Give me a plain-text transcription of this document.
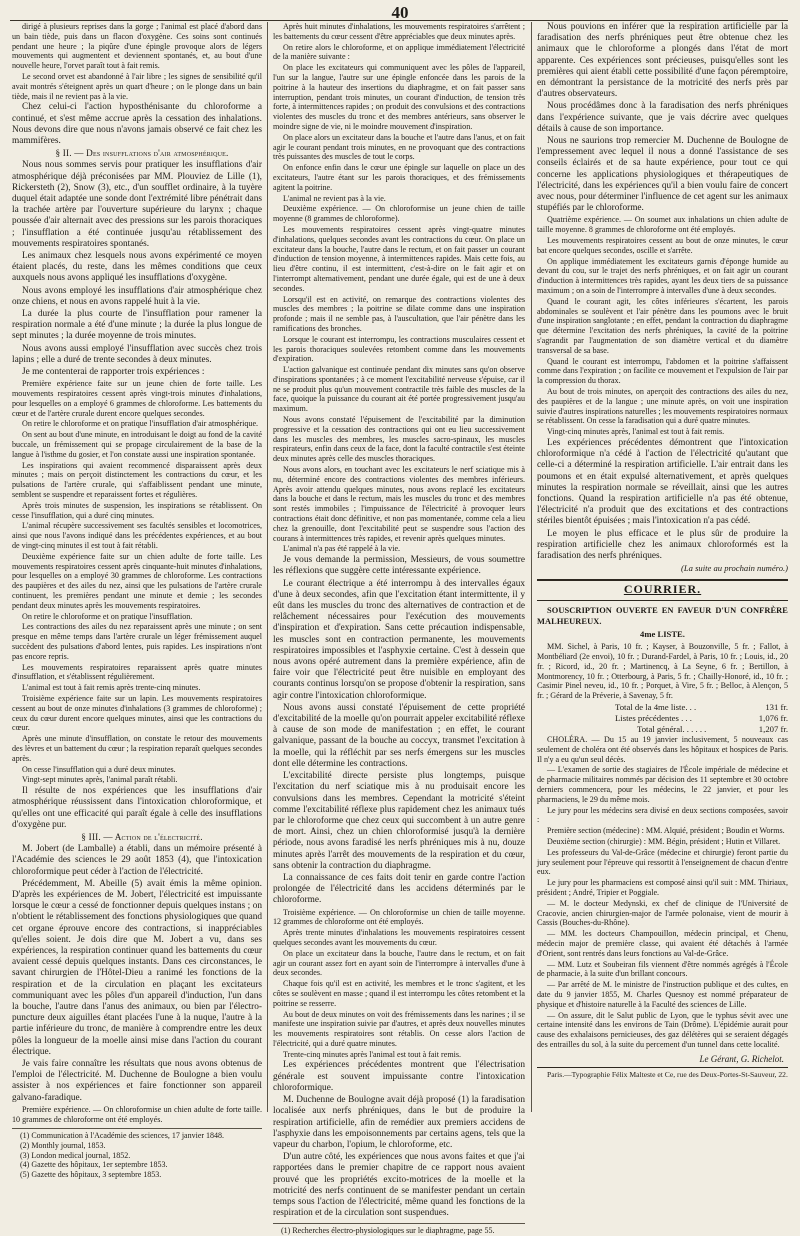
40

dirigé à plusieurs reprises dans la gorge ; l'animal est placé d'abord dans un bain tiède, puis dans un flacon d'oxygène. Ces soins sont continués pendant une heure ; la piqûre d'une épingle provoque alors de légers mouvements qui augmentent et deviennent spontanés, et, au bout d'une nouvelle heure, l'orvet paraît tout à fait remis.

Le second orvet est abandonné à l'air libre ; les signes de sensibilité qu'il avait montrés s'éteignent après un quart d'heure ; on le plonge dans un bain tiède, mais il ne revient pas à la vie.

Chez celui-ci l'action hyposthénisante du chloroforme a continué, et s'est même accrue après la cessation des inhalations. Nous devons dire que nous n'avons jamais observé ce fait chez les mammifères.

§ II. — Des insufflations d'air atmosphérique.

Nous nous sommes servis pour pratiquer les insufflations d'air atmosphérique déjà préconisées par MM. Plouviez de Lille (1), Rickersteth (2), Snow (3), etc., d'un soufflet ordinaire, à la tuyère duquel était adaptée une sonde dont l'extrémité libre pénétrait dans la trachée artère par l'ouverture supérieure du larynx ; chaque poussée d'air alternait avec des pressions sur les parois thoraciques ; l'insufflation a été continuée jusqu'au rétablissement des mouvements respiratoires spontanés.

Les animaux chez lesquels nous avons expérimenté ce moyen étaient placés, du reste, dans les mêmes conditions que ceux auxquels nous avons appliqué les insufflations d'oxygène.

Nous avons employé les insufflations d'air atmosphérique chez onze chiens, et nous en avons rappelé huit à la vie.

La durée la plus courte de l'insufflation pour ramener la respiration normale a été d'une minute ; la durée la plus longue de sept minutes ; la durée moyenne de trois minutes.

Nous avons aussi employé l'insufflation avec succès chez trois lapins ; elle a duré de trente secondes à deux minutes.

Je me contenterai de rapporter trois expériences :

Première expérience faite sur un jeune chien de forte taille. Les mouvements respiratoires cessent après vingt-trois minutes d'inhalations, pour lesquelles on a employé 6 grammes de chloroforme. Les battements du cœur et de l'artère crurale durent encore quelques secondes.

On retire le chloroforme et on pratique l'insufflation d'air atmosphérique.

On sent au bout d'une minute, en introduisant le doigt au fond de la cavité buccale, un frémissement qui se propage circulairement de la base de la langue à l'isthme du gosier, et l'on constate aussi une inspiration spontanée.

Les inspirations qui avaient recommencé disparaissent après deux minutes ; mais on perçoit distinctement les contractions du cœur, et les pulsations de l'artère crurale, qui s'affaiblissent pendant une minute, semblent se suspendre et reparaissent fortes et régulières.

Après trois minutes de suspension, les inspirations se rétablissent. On cesse l'insufflation, qui a duré cinq minutes.

L'animal récupère successivement ses facultés sensibles et locomotrices, ainsi que nous l'avons indiqué dans les précédentes expériences, et au bout de vingt-cinq minutes il est tout à fait rétabli.

Deuxième expérience faite sur un chien adulte de forte taille. Les mouvements respiratoires cessent après cinquante-huit minutes d'inhalations, pour lesquelles on a employé 30 grammes de chloroforme. Les contractions des paupières et des ailes du nez, ainsi que les pulsations de l'artère crurale continuent, les premières pendant une minute et demie ; les secondes pendant deux minutes après les mouvements respiratoires.

On retire le chloroforme et on pratique l'insufflation.

Les contractions des ailes du nez reparaissent après une minute ; on sent presque en même temps dans l'artère crurale un léger frémissement auquel succèdent des pulsations d'abord lentes, puis rapides. Les inspirations n'ont pas encore repris.

Les mouvements respiratoires reparaissent après quatre minutes d'insufflation, et s'établissent régulièrement.

L'animal est tout à fait remis après trente-cinq minutes.

Troisième expérience faite sur un lapin. Les mouvements respiratoires cessent au bout de onze minutes d'inhalations (3 grammes de chloroforme) ; ceux du cœur durent encore quelques minutes, ainsi que les contractions du cœur.

Après une minute d'insufflation, on constate le retour des mouvements des lèvres et un battement du cœur ; la respiration reparaît quelques secondes après.

On cesse l'insufflation qui a duré deux minutes.

Vingt-sept minutes après, l'animal paraît rétabli.

Il résulte de nos expériences que les insufflations d'air atmosphérique réussissent dans l'intoxication chloroformique, et qu'elles ont une efficacité qui paraît égale à celle des insufflations d'oxygène pur.

§ III. — Action de l'électricité.

M. Jobert (de Lamballe) a établi, dans un mémoire présenté à l'Académie des sciences le 29 août 1853 (4), que l'intoxication chloroformique peut céder à l'action de l'électricité.

Précédemment, M. Abeille (5) avait émis la même opinion. D'après les expériences de M. Jobert, l'électricité est impuissante lorsque le cœur a cessé de fonctionner depuis quelques instans ; on n'obtient le rétablissement des fonctions physiologiques que quand cet organe éprouve encore des contractions, si inappréciables qu'elles soient. Je dois dire que M. Jobert a vu, dans ses expériences, la respiration continuer quand les battements du cœur avaient cessé depuis quelques instants. Dans ces circonstances, le savant chirurgien de l'Hôtel-Dieu a ranimé les fonctions de la respiration et de la circulation en plaçant les excitateurs communiquant avec les pôles d'un appareil d'induction, l'un dans la bouche, l'autre dans l'anus des animaux, ou bien par l'électro-puncture deux aiguilles étant placées l'une à la nuque, l'autre à la partie inférieure du tronc, de manière à comprendre entre les deux pôles la longueur de la moelle ainsi mise dans l'action du courant électrique.

Je vais faire connaître les résultats que nous avons obtenus de l'emploi de l'électricité. M. Duchenne de Boulogne a bien voulu assister à nos expériences et faire fonctionner son appareil galvano-faradique.

Première expérience. — On chloroformise un chien adulte de forte taille. 10 grammes de chloroforme ont été employés.

(1) Communication à l'Académie des sciences, 17 janvier 1848.
(2) Monthly journal, 1853.
(3) London medical journal, 1852.
(4) Gazette des hôpitaux, 1er septembre 1853.
(5) Gazette des hôpitaux, 3 septembre 1853.

Après huit minutes d'inhalations, les mouvements respiratoires s'arrêtent ; les battements du cœur cessent d'être appréciables que deux minutes après.

On retire alors le chloroforme, et on applique immédiatement l'électricité de la manière suivante :

On place les excitateurs qui communiquent avec les pôles de l'appareil, l'un sur la langue, l'autre sur une épingle enfoncée dans les parois de la poitrine à la hauteur des insertions du diaphragme, et on fait passer sans interruption, pendant trois minutes, un courant d'induction, de tension très forte, à intermittences rapides ; on produit des convulsions et des contractions violentes des muscles du tronc et des membres antérieurs, sans observer le moindre signe de vie, ni le moindre mouvement d'inspiration.

On place alors un excitateur dans la bouche et l'autre dans l'anus, et on fait agir le courant pendant trois minutes, en ne provoquant que des contractions très puissantes des muscles de tout le corps.

On enfonce enfin dans le cœur une épingle sur laquelle on place un des excitateurs, l'autre étant sur les parois thoraciques, et des frémissements agitent la poitrine.

L'animal ne revient pas à la vie.

Deuxième expérience. — On chloroformise un jeune chien de taille moyenne (8 grammes de chloroforme).

Les mouvements respiratoires cessent après vingt-quatre minutes d'inhalations, quelques secondes avant les contractions du cœur. On place un excitateur dans la bouche, l'autre dans le rectum, et on fait passer un courant d'induction de tension moyenne, à intermittences rapides. Mais cette fois, au lieu d'être continu, il est intermittent, c'est-à-dire on le fait agir et on l'interrompt alternativement, pendant une durée égale, qui est de une à deux secondes.

Lorsqu'il est en activité, on remarque des contractions violentes des muscles des membres ; la poitrine se dilate comme dans une inspiration profonde ; mais il ne semble pas, à l'auscultation, que l'air pénètre dans les ramifications des bronches.

Lorsque le courant est interrompu, les contractions musculaires cessent et les parois thoraciques soulevées retombent comme dans les mouvements d'expiration.

L'action galvanique est continuée pendant dix minutes sans qu'on observe d'inspirations spontanées ; à ce moment l'excitabilité nerveuse s'épuise, car il ne se produit plus qu'un mouvement contractile très faible des muscles de la face, quoique la puissance du courant ait été portée progressivement jusqu'au maximum.

Nous avons constaté l'épuisement de l'excitabilité par la diminution progressive et la cessation des contractions qui ont eu lieu successivement dans les muscles des membres, les muscles sacro-spinaux, les muscles respirateurs, enfin dans ceux de la face, dont la faculté contractile s'est éteinte deux minutes après celle des muscles thoraciques.

Nous avons alors, en touchant avec les excitateurs le nerf sciatique mis à nu, déterminé encore des contractions violentes des membres inférieurs. Après avoir attendu quelques minutes, nous avons replacé les excitateurs dans la bouche et dans le rectum, mais les muscles du tronc et des membres sont restés immobiles ; l'impuissance de l'électricité à provoquer leurs contractions était donc définitive, et non pas momentanée, comme cela a lieu chez la grenouille, dont l'excitabilité peut se suspendre sous l'action des courans à intermittences très rapides, et revenir après quelques minutes.

L'animal n'a pas été rappelé à la vie.

Je vous demande la permission, Messieurs, de vous soumettre les réflexions que suggère cette intéressante expérience.

Le courant électrique a été interrompu à des intervalles égaux d'une à deux secondes, afin que l'excitation étant intermittente, il y eût dans les muscles du tronc des alternatives de contraction et de relâchement nécessaires pour l'exécution des mouvements d'inspiration et d'expiration. Sans cette précaution indispensable, les muscles sont en contraction permanente, les mouvements respiratoires impossibles et l'asphyxie certaine. C'est à dessein que nous avons opéré autrement dans la première expérience, afin de faire voir que l'électricité peut être nuisible en employant des courants continus lorsqu'on se propose d'obtenir la respiration, sans agir contre l'intoxication chloroformique.

Nous avons aussi constaté l'épuisement de cette propriété d'excitabilité de la moelle qu'on pourrait appeler excitabilité réflexe à cause de son mode de manifestation ; en effet, le courant galvanique, passant de la bouche au coccyx, transmet l'excitation à la moelle, qui la réfléchit par ses nerfs émergens sur les muscles dont elle détermine les contractions.

L'excitabilité directe persiste plus longtemps, puisque l'excitation du nerf sciatique mis à nu produisait encore les convulsions dans les membres. Cependant la motricité s'éteint comme l'excitabilité réflexe plus rapidement chez les animaux tués par le chloroforme que chez ceux qui succombent à un autre genre de mort. Ainsi, chez un chien chloroformisé jusqu'à la dernière période, nous avons faradisé les nerfs phréniques mis à nu, douze minutes après l'arrêt des mouvements de la respiration et du cœur, sans obtenir la contraction du diaphragme.

La connaissance de ces faits doit tenir en garde contre l'action prolongée de l'électricité dans les accidens déterminés par le chloroforme.

Troisième expérience. — On chloroformise un chien de taille moyenne. 12 grammes de chloroforme ont été employés.

Après trente minutes d'inhalations les mouvements respiratoires cessent quelques secondes avant les mouvements du cœur.

On place un excitateur dans la bouche, l'autre dans le rectum, et on fait agir un courant assez fort en ayant soin de l'interrompre à intervalles d'une à deux secondes.

Chaque fois qu'il est en activité, les membres et le tronc s'agitent, et les côtes se soulèvent en masse ; quand il est interrompu les côtes retombent et la poitrine se resserre.

Au bout de deux minutes on voit des frémissements dans les narines ; il se manifeste une inspiration suivie par d'autres, et après deux nouvelles minutes les mouvements respiratoires sont rétablis. On cesse alors l'action de l'électricité, qui a duré quatre minutes.

Trente-cinq minutes après l'animal est tout à fait remis.

Les expériences précédentes montrent que l'électrisation générale est souvent impuissante contre l'intoxication chloroformique.

M. Duchenne de Boulogne avait déjà proposé (1) la faradisation localisée aux nerfs phréniques, dans le but de produire la respiration artificielle, afin de remédier aux premiers accidens de l'asphyxie dans les empoisonnements par certains agens, tels que la vapeur du charbon, l'opium, le chloroforme, etc.

D'un autre côté, les expériences que nous avons faites et que j'ai rapportées dans le premier chapitre de ce rapport nous avaient prouvé que les propriétés excito-motrices de la moelle et la motricité des nerfs continuent de se manifester pendant un certain temps sous l'action de l'électricité, même quand les fonctions de la respiration et de la circulation sont suspendues.

(1) Recherches électro-physiologiques sur le diaphragme, page 55.

Nous pouvions en inférer que la respiration artificielle par la faradisation des nerfs phréniques peut être obtenue chez les animaux que le chloroforme a plongés dans l'état de mort apparente. Ces expériences sont précieuses, puisqu'elles sont les premières qui aient établi cette possibilité d'une façon péremptoire, en démontrant la persistance de la motricité des nerfs près par d'autres observateurs.

Nous procédâmes donc à la faradisation des nerfs phréniques dans l'expérience suivante, que je vais décrire avec quelques détails à cause de son importance.

Nous ne saurions trop remercier M. Duchenne de Boulogne de l'empressement avec lequel il nous a donné l'assistance de ses conseils éclairés et de sa haute expérience, pour tout ce qui concerne les applications physiologiques et thérapeutiques de l'électricité, dans les expériences qu'il a bien voulu faire de concert avec nous, pour déterminer l'influence de cet agent sur les animaux stupéfiés par le chloroforme.

Quatrième expérience. — On soumet aux inhalations un chien adulte de taille moyenne. 8 grammes de chloroforme ont été employés.

Les mouvements respiratoires cessent au bout de onze minutes, le cœur bat encore quelques secondes, oscille et s'arrête.

On applique immédiatement les excitateurs garnis d'éponge humide au devant du cou, sur le trajet des nerfs phréniques, et on fait agir un courant d'induction à intermittences très rapides, ayant les deux tiers de sa puissance maximum ; on a soin de l'interrompre à intervalles d'une à deux secondes.

Quand le courant agit, les côtes inférieures s'écartent, les parois abdominales se soulèvent et l'air pénètre dans les poumons avec le bruit d'une inspiration sanglotante ; en effet, pendant la contraction du diaphragme que détermine l'excitation des nerfs phréniques, la cavité de la poitrine s'agrandit par l'augmentation de son diamètre vertical et du diamètre transversal de sa base.

Quand le courant est interrompu, l'abdomen et la poitrine s'affaissent comme dans l'expiration ; on facilite ce mouvement et l'expulsion de l'air par la compression du thorax.

Au bout de trois minutes, on aperçoit des contractions des ailes du nez, des paupières et de la langue ; une minute après, on voit une inspiration suivie d'autres inspirations naturelles ; les mouvements respiratoires normaux se rétablissent. On cesse la faradisation qui a duré quatre minutes.

Vingt-cinq minutes après, l'animal est tout à fait remis.

Les expériences précédentes démontrent que l'intoxication chloroformique n'a cédé à l'action de l'électricité qu'autant que celle-ci a déterminé la respiration artificielle. L'air entrait dans les poumons et en était expulsé alternativement, et après quelques minutes la respiration normale se réveillait, ainsi que les autres fonctions. Quand la respiration artificielle n'a pas été obtenue, l'électricité n'a produit que des excitations et des contractions stériles bientôt épuisées ; mais l'intoxication n'a pas cédé.

Le moyen le plus efficace et le plus sûr de produire la respiration artificielle chez les animaux chloroformés est la faradisation des nerfs phréniques.

(La suite au prochain numéro.)

COURRIER.

SOUSCRIPTION OUVERTE EN FAVEUR D'UN CONFRÈRE MALHEUREUX.

4me LISTE.

MM. Sichel, à Paris, 10 fr. ; Kayser, à Bouzonville, 5 fr. ; Fallot, à Montbéliard (2e envoi), 10 fr. ; Durand-Fardel, à Paris, 10 fr. ; Louis, id., 20 fr. ; Ricord, id., 20 fr. ; Martinencq, à La Seyne, 6 fr. ; Bertillon, à Montmorency, 10 fr. ; Otterbourg, à Paris, 5 fr. ; Chailly-Honoré, id., 10 fr. ; Casimir Pinel neveu, id., 10 fr. ; Porquet, à Vire, 5 fr. ; Belloc, à Alençon, 5 fr. ; Gérard de la Préverie, à Savenay, 5 fr.

Total de la 4me liste. . .	131 fr.
Listes précédentes . . .	1,076 fr.
Total général. . . . . .	1,207 fr.

CHOLÉRA. — Du 15 au 19 janvier inclusivement, 5 nouveaux cas seulement de choléra ont été observés dans les hôpitaux et hospices de Paris. Il n'y a eu qu'un seul décès.

— L'examen de sortie des stagiaires de l'École impériale de médecine et de pharmacie militaires nommés par décision des 11 septembre et 30 octobre derniers commencera, pour les médecins, le 22 janvier, et pour les pharmaciens, le 29 du même mois.

Le jury pour les médecins sera divisé en deux sections composées, savoir :

Première section (médecine) : MM. Alquié, président ; Boudin et Worms.

Deuxième section (chirurgie) : MM. Bégin, président ; Hutin et Villaret.

Les professeurs du Val-de-Grâce (médecine et chirurgie) feront partie du jury seulement pour l'épreuve qui ressortit à l'enseignement de chacun d'entre eux.

Le jury pour les pharmaciens est composé ainsi qu'il suit : MM. Thiriaux, président ; André, Tripier et Poggiale.

— M. le docteur Medynski, ex chef de clinique de l'Université de Cracovie, ancien chirurgien-major de l'armée polonaise, vient de mourir à Cassis (Bouches-du-Rhône).

— MM. les docteurs Champouillon, médecin principal, et Chenu, médecin major de première classe, qui avaient été détachés à l'armée d'Orient, sont rentrés dans leurs fonctions au Val-de-Grâce.

— MM. Lutz et Soubeiran fils viennent d'être nommés agrégés à l'École de pharmacie, à la suite d'un brillant concours.

— Par arrêté de M. le ministre de l'instruction publique et des cultes, en date du 9 janvier 1855, M. Charles Quesnoy est nommé préparateur de physique et d'histoire naturelle à la Faculté des sciences de Lille.

— On assure, dit le Salut public de Lyon, que le typhus sévit avec une certaine intensité dans les environs de Tain (Drôme). L'épidémie aurait pour cause des exhalaisons pernicieuses, des gaz délétères qui se seraient dégagés des entrailles du sol, à la suite du percement d'un tunnel dans cette localité.

Le Gérant, G. Richelot.

Paris.—Typographie Félix Malteste et Ce, rue des Deux-Portes-St-Sauveur, 22.
